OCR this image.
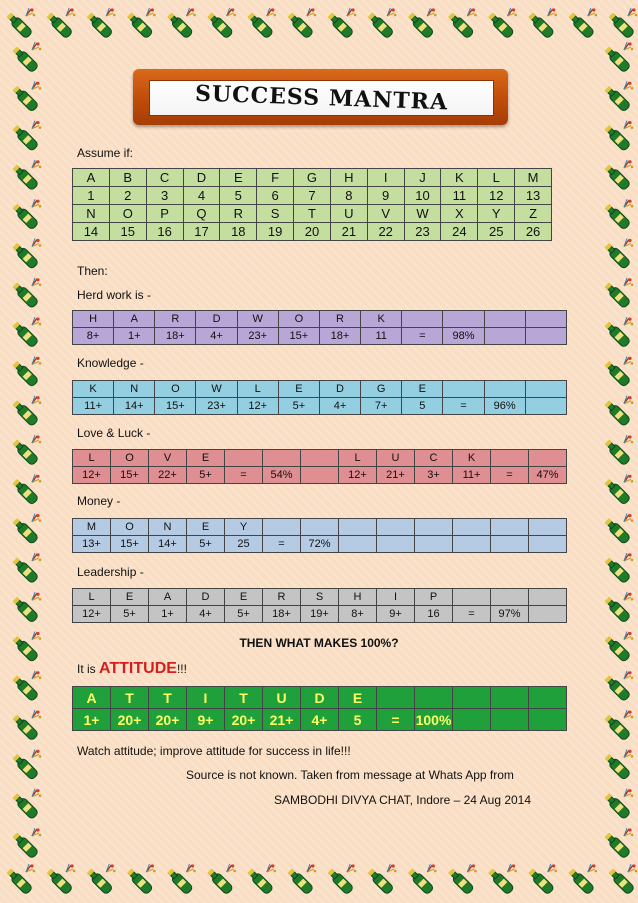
SUCCESS MANTRA
Assume if:
A	B	C	D	E	F	G	H	I	J	K	L	M
1	2	3	4	5	6	7	8	9	10	11	12	13
N	O	P	Q	R	S	T	U	V	W	X	Y	Z
14	15	16	17	18	19	20	21	22	23	24	25	26
Then:
Herd work is -
H	A	R	D	W	O	R	K				
8+	1+	18+	4+	23+	15+	18+	11	=	98%		
Knowledge -
K	N	O	W	L	E	D	G	E			
11+	14+	15+	23+	12+	5+	4+	7+	5	=	96%	
Love & Luck -
L	O	V	E				L	U	C	K		
12+	15+	22+	5+	=	54%		12+	21+	3+	11+	=	47%
Money -
M	O	N	E	Y								
13+	15+	14+	5+	25	=	72%						
Leadership -
L	E	A	D	E	R	S	H	I	P			
12+	5+	1+	4+	5+	18+	19+	8+	9+	16	=	97%	
THEN WHAT MAKES 100%?
It is ATTITUDE!!!
A	T	T	I	T	U	D	E					
1+	20+	20+	9+	20+	21+	4+	5	=	100%			
Watch attitude; improve attitude for success in life!!!
Source is not known. Taken from message at Whats App from
SAMBODHI DIVYA CHAT, Indore – 24 Aug 2014
